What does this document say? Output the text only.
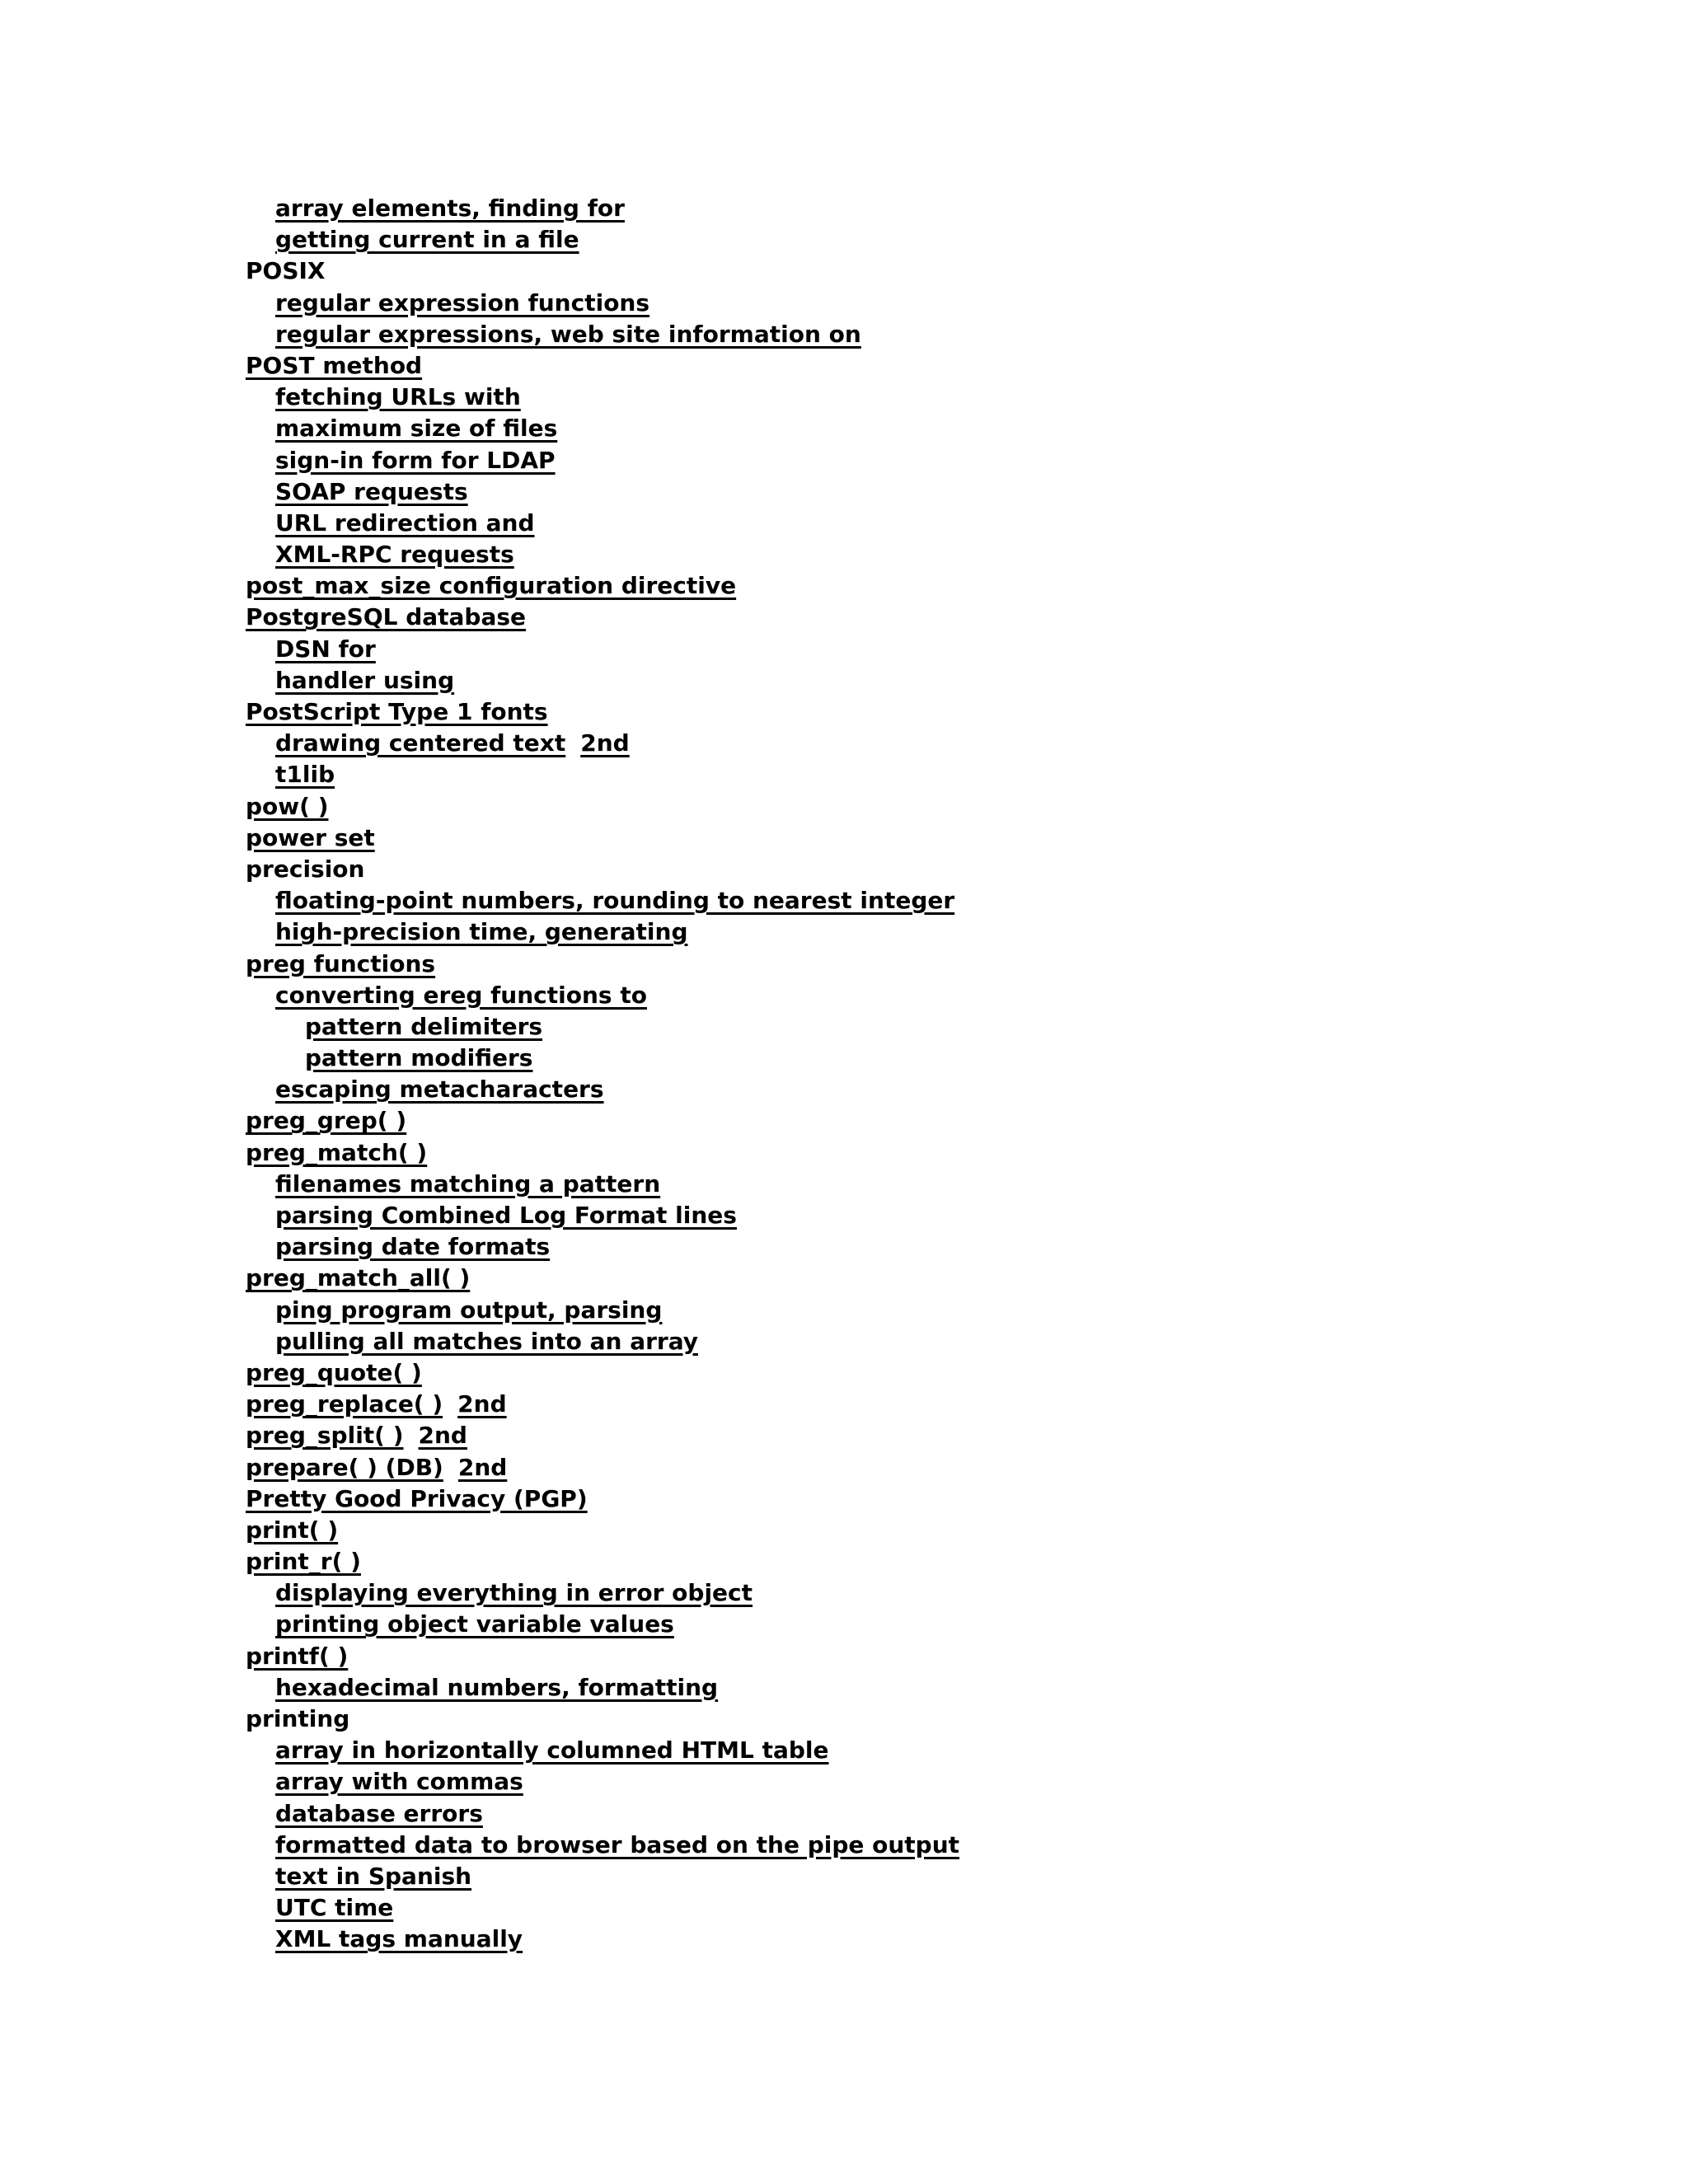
array elements, finding for
getting current in a file
POSIX
regular expression functions
regular expressions, web site information on
POST method
fetching URLs with
maximum size of files
sign-in form for LDAP
SOAP requests
URL redirection and
XML-RPC requests
post_max_size configuration directive
PostgreSQL database
DSN for
handler using
PostScript Type 1 fonts
drawing centered text 2nd
t1lib
pow( )
power set
precision
floating-point numbers, rounding to nearest integer
high-precision time, generating
preg functions
converting ereg functions to
pattern delimiters
pattern modifiers
escaping metacharacters
preg_grep( )
preg_match( )
filenames matching a pattern
parsing Combined Log Format lines
parsing date formats
preg_match_all( )
ping program output, parsing
pulling all matches into an array
preg_quote( )
preg_replace( ) 2nd
preg_split( ) 2nd
prepare( ) (DB) 2nd
Pretty Good Privacy (PGP)
print( )
print_r( )
displaying everything in error object
printing object variable values
printf( )
hexadecimal numbers, formatting
printing
array in horizontally columned HTML table
array with commas
database errors
formatted data to browser based on the pipe output
text in Spanish
UTC time
XML tags manually
